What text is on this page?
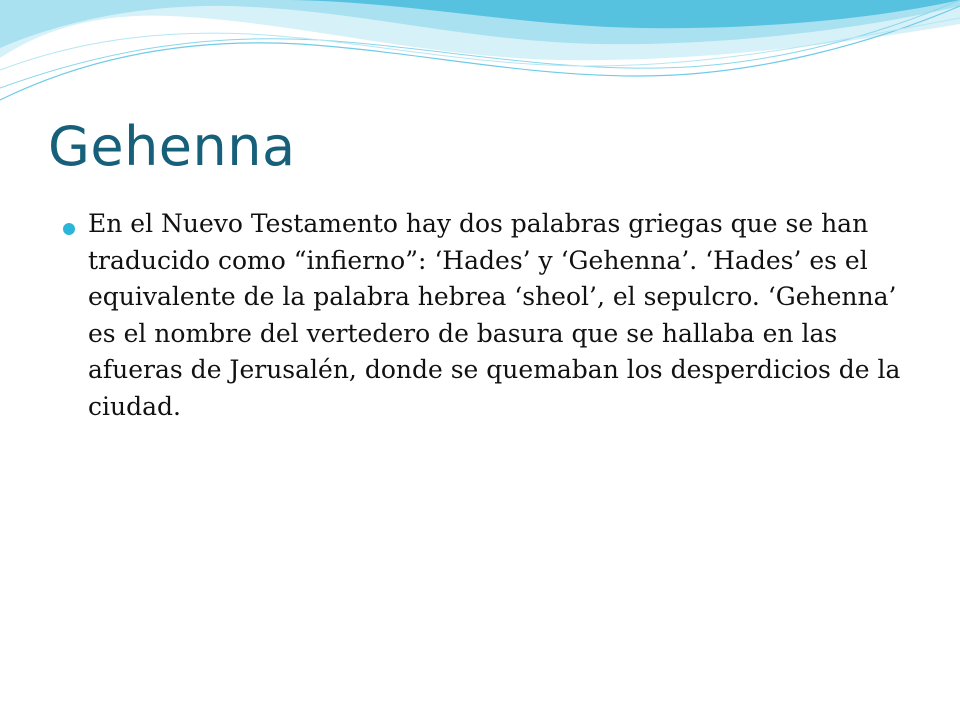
Gehenna
En el Nuevo Testamento hay dos palabras griegas que se han traducido como “infierno”: ‘Hades’ y ‘Gehenna’. ‘Hades’ es el equivalente de la palabra hebrea ‘sheol’, el sepulcro. ‘Gehenna’ es el nombre del vertedero de basura que se hallaba en las afueras de Jerusalén, donde se quemaban los desperdicios de la ciudad.
